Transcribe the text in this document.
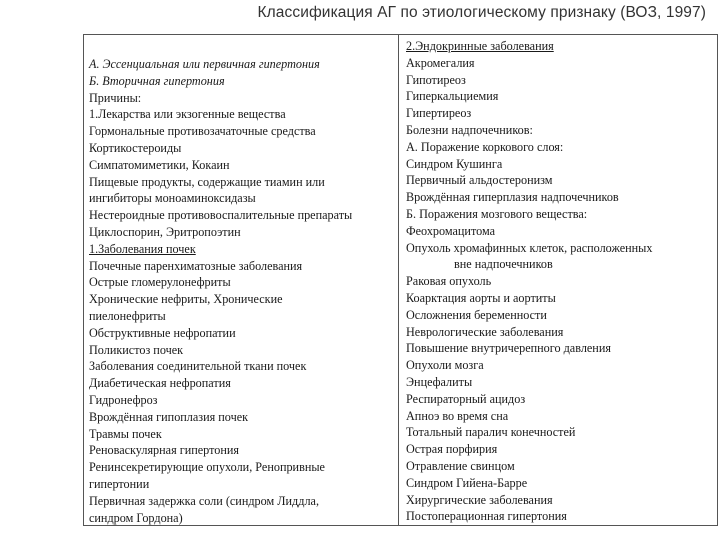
Классификация АГ по этиологическому признаку (ВОЗ, 1997)
А. Эссенциальная или первичная гипертония
Б. Вторичная гипертония
Причины:
1.Лекарства или экзогенные вещества
Гормональные противозачаточные средства
Кортикостероиды
Симпатомиметики, Кокаин
Пищевые продукты, содержащие тиамин или
ингибиторы моноаминоксидазы
Нестероидные противовоспалительные препараты
Циклоспорин, Эритропоэтин
1.Заболевания почек
Почечные паренхиматозные заболевания
Острые гломерулонефриты
Хронические нефриты, Хронические
пиелонефриты
Обструктивные нефропатии
Поликистоз почек
Заболевания соединительной ткани почек
Диабетическая нефропатия
Гидронефроз
Врождённая гипоплазия почек
Травмы почек
Реноваскулярная гипертония
Ренинсекретирующие опухоли, Ренопривные
гипертонии
Первичная задержка соли (синдром Лиддла,
синдром Гордона)
2.Эндокринные заболевания
Акромегалия
Гипотиреоз
Гиперкальциемия
Гипертиреоз
Болезни надпочечников:
А. Поражение коркового слоя:
Синдром Кушинга
Первичный альдостеронизм
Врождённая гиперплазия надпочечников
Б. Поражения мозгового вещества:
Феохромацитома
Опухоль хромафинных клеток, расположенных
вне надпочечников
Раковая опухоль
Коарктация аорты и аортиты
Осложнения беременности
Неврологические заболевания
Повышение внутричерепного давления
Опухоли мозга
Энцефалиты
Респираторный ацидоз
Апноэ во время сна
Тотальный паралич конечностей
Острая порфирия
Отравление свинцом
Синдром Гийена-Барре
Хирургические заболевания
Постоперационная гипертония
